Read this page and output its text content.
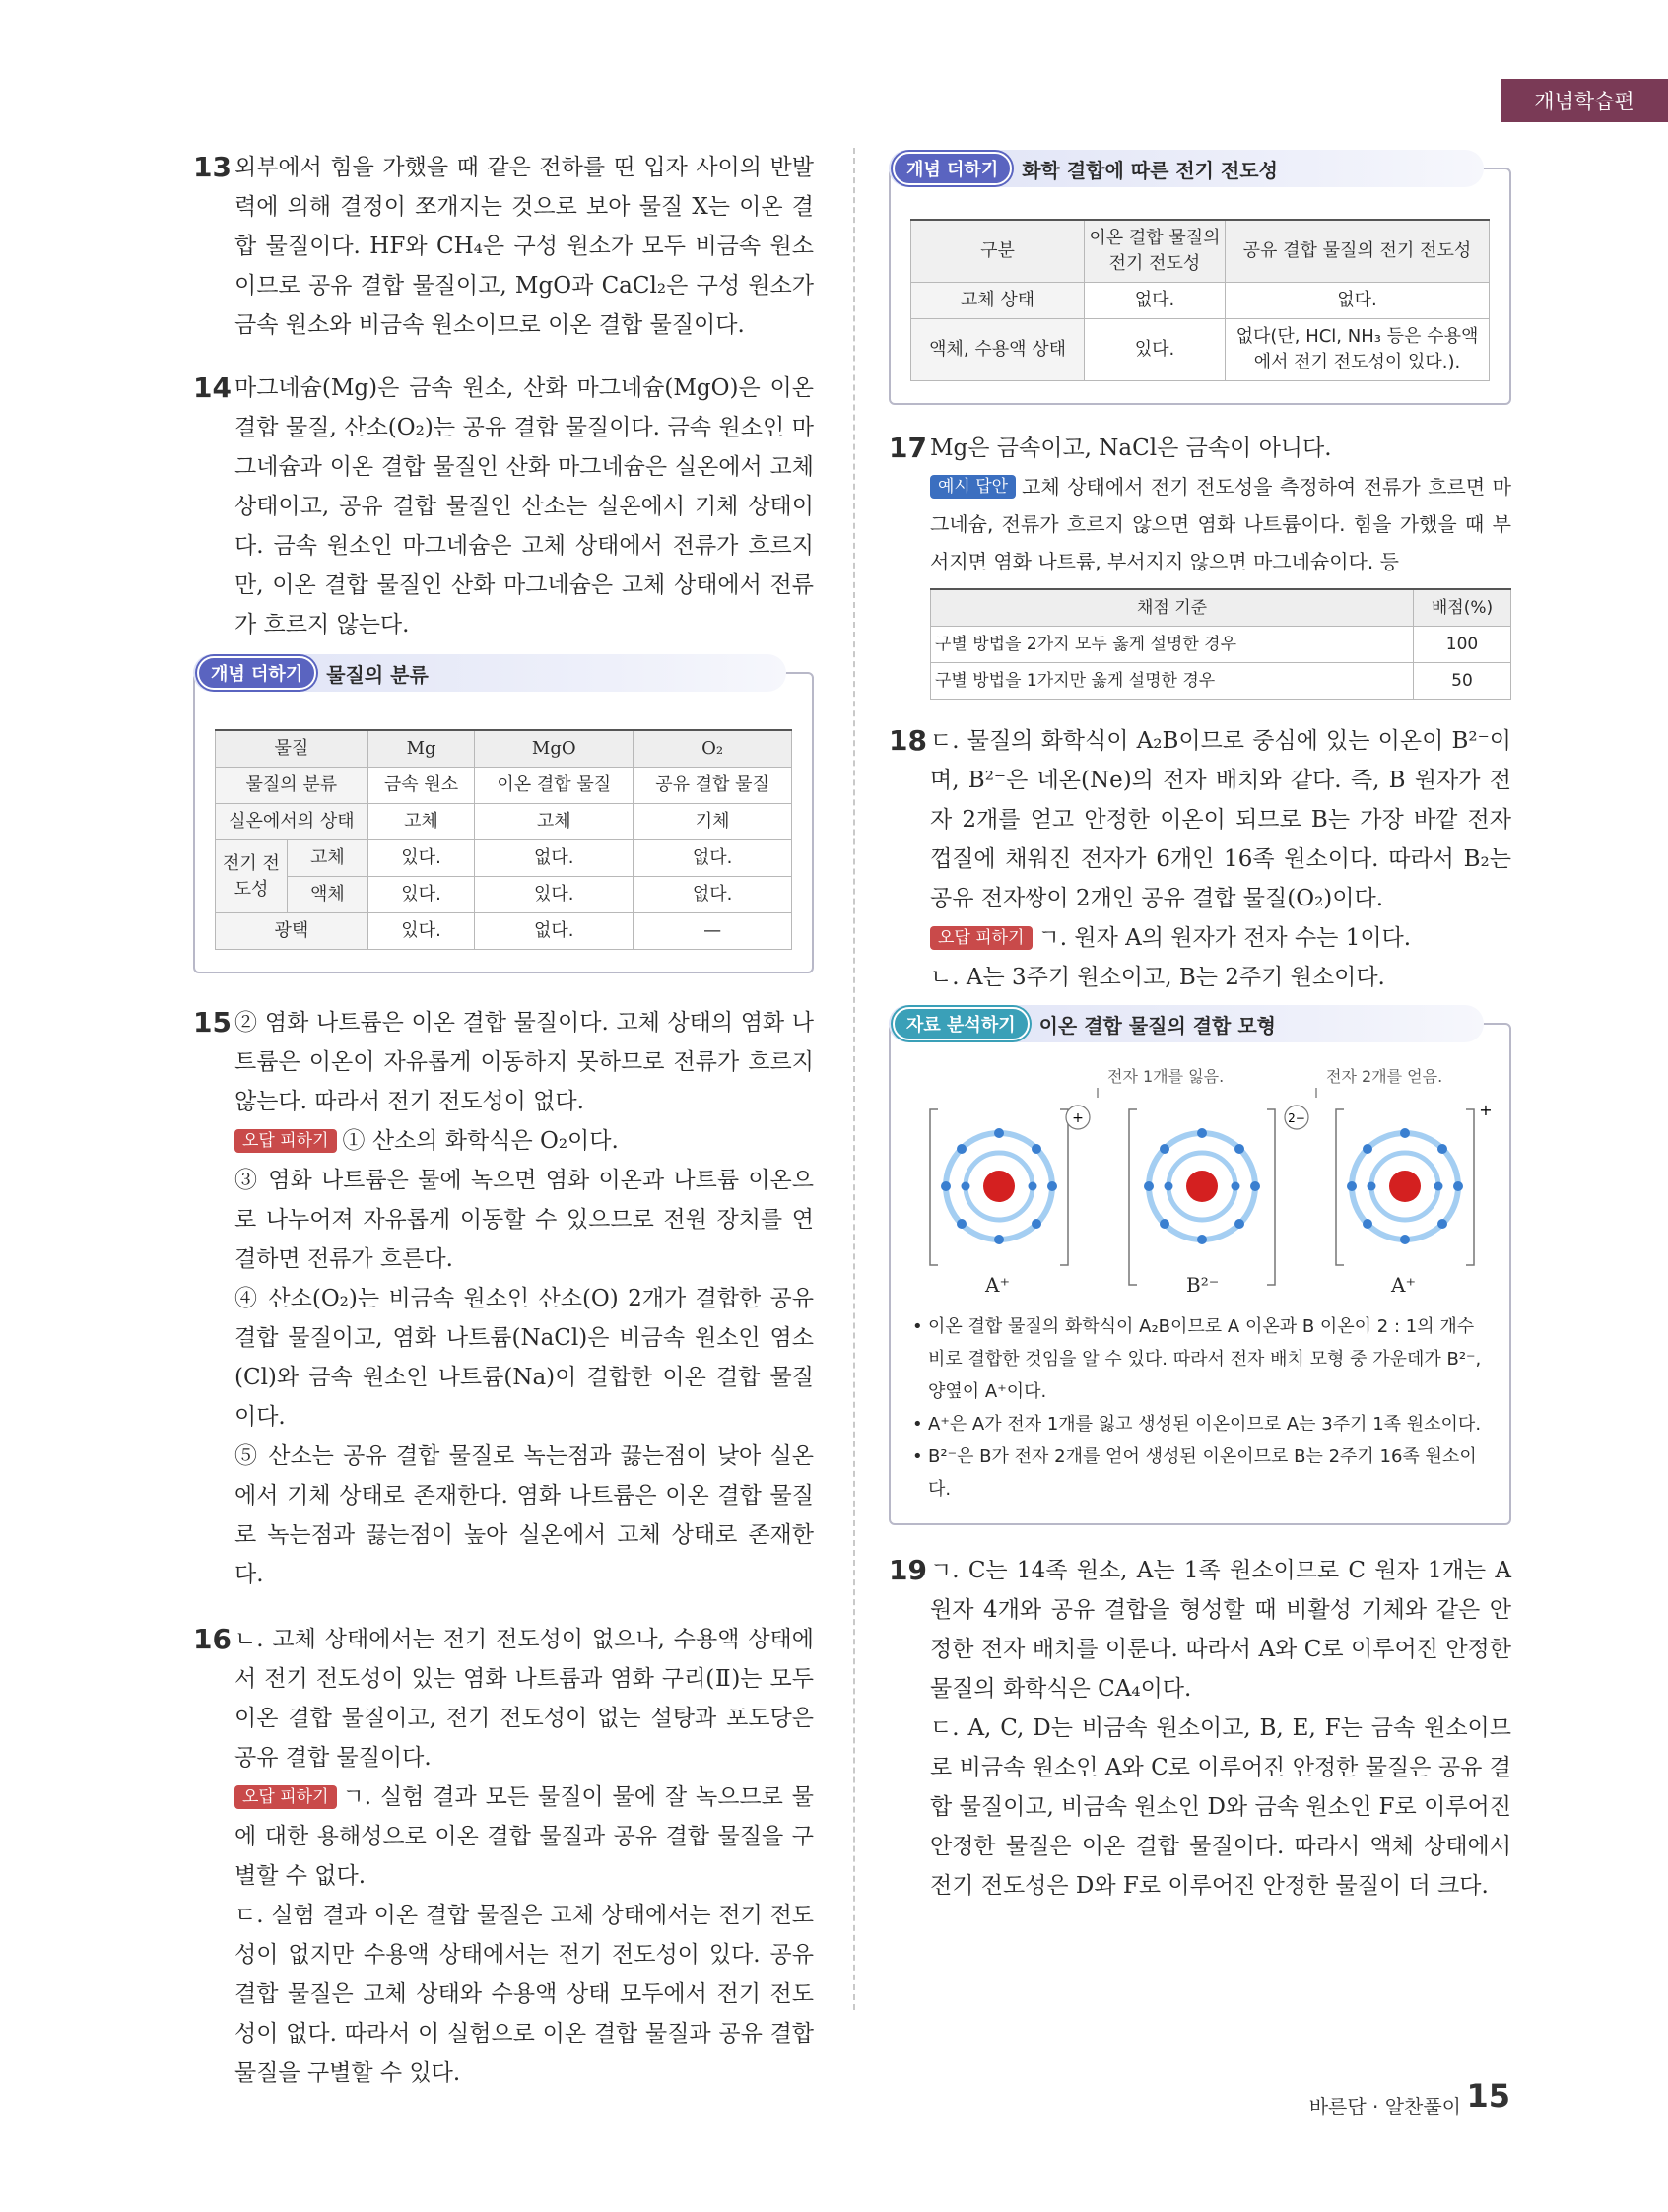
개념학습편
13 외부에서 힘을 가했을 때 같은 전하를 띤 입자 사이의 반발력에 의해 결정이 쪼개지는 것으로 보아 물질 X는 이온 결합 물질이다. HF와 CH₄은 구성 원소가 모두 비금속 원소이므로 공유 결합 물질이고, MgO과 CaCl₂은 구성 원소가 금속 원소와 비금속 원소이므로 이온 결합 물질이다.

14 마그네슘(Mg)은 금속 원소, 산화 마그네슘(MgO)은 이온 결합 물질, 산소(O₂)는 공유 결합 물질이다. 금속 원소인 마그네슘과 이온 결합 물질인 산화 마그네슘은 실온에서 고체 상태이고, 공유 결합 물질인 산소는 실온에서 기체 상태이다. 금속 원소인 마그네슘은 고체 상태에서 전류가 흐르지만, 이온 결합 물질인 산화 마그네슘은 고체 상태에서 전류가 흐르지 않는다.

개념 더하기	물질의 분류
물질		Mg	MgO	O₂
물질의 분류		금속 원소	이온 결합 물질	공유 결합 물질
실온에서의 상태		고체	고체	기체
전기 전도성	고체	있다.	없다.	없다.
	액체	있다.	있다.	없다.
광택		있다.	없다.	—
15 ② 염화 나트륨은 이온 결합 물질이다. 고체 상태의 염화 나트륨은 이온이 자유롭게 이동하지 못하므로 전류가 흐르지 않는다. 따라서 전기 전도성이 없다.

오답 피하기 ① 산소의 화학식은 O₂이다.

③ 염화 나트륨은 물에 녹으면 염화 이온과 나트륨 이온으로 나누어져 자유롭게 이동할 수 있으므로 전원 장치를 연결하면 전류가 흐른다.

④ 산소(O₂)는 비금속 원소인 산소(O) 2개가 결합한 공유 결합 물질이고, 염화 나트륨(NaCl)은 비금속 원소인 염소(Cl)와 금속 원소인 나트륨(Na)이 결합한 이온 결합 물질이다.

⑤ 산소는 공유 결합 물질로 녹는점과 끓는점이 낮아 실온에서 기체 상태로 존재한다. 염화 나트륨은 이온 결합 물질로 녹는점과 끓는점이 높아 실온에서 고체 상태로 존재한다.

16 ㄴ. 고체 상태에서는 전기 전도성이 없으나, 수용액 상태에서 전기 전도성이 있는 염화 나트륨과 염화 구리(Ⅱ)는 모두 이온 결합 물질이고, 전기 전도성이 없는 설탕과 포도당은 공유 결합 물질이다.

오답 피하기 ㄱ. 실험 결과 모든 물질이 물에 잘 녹으므로 물에 대한 용해성으로 이온 결합 물질과 공유 결합 물질을 구별할 수 없다.

ㄷ. 실험 결과 이온 결합 물질은 고체 상태에서는 전기 전도성이 없지만 수용액 상태에서는 전기 전도성이 있다. 공유 결합 물질은 고체 상태와 수용액 상태 모두에서 전기 전도성이 없다. 따라서 이 실험으로 이온 결합 물질과 공유 결합 물질을 구별할 수 있다.

개념 더하기	화학 결합에 따른 전기 전도성
구분	이온 결합 물질의 전기 전도성	공유 결합 물질의 전기 전도성
고체 상태	없다.	없다.
액체, 수용액 상태	있다.	없다(단, HCl, NH₃ 등은 수용액에서 전기 전도성이 있다.).
17 Mg은 금속이고, NaCl은 금속이 아니다.

예시 답안 고체 상태에서 전기 전도성을 측정하여 전류가 흐르면 마그네슘, 전류가 흐르지 않으면 염화 나트륨이다. 힘을 가했을 때 부서지면 염화 나트륨, 부서지지 않으면 마그네슘이다. 등

채점 기준	배점(%)
구별 방법을 2가지 모두 옳게 설명한 경우	100
구별 방법을 1가지만 옳게 설명한 경우	50
18 ㄷ. 물질의 화학식이 A₂B이므로 중심에 있는 이온이 B²⁻이며, B²⁻은 네온(Ne)의 전자 배치와 같다. 즉, B 원자가 전자 2개를 얻고 안정한 이온이 되므로 B는 가장 바깥 전자 껍질에 채워진 전자가 6개인 16족 원소이다. 따라서 B₂는 공유 전자쌍이 2개인 공유 결합 물질(O₂)이다.

오답 피하기 ㄱ. 원자 A의 원자가 전자 수는 1이다.

ㄴ. A는 3주기 원소이고, B는 2주기 원소이다.

자료 분석하기	이온 결합 물질의 결합 모형
전자 1개를 잃음.	전자 2개를 얻음.
+	2−	+
A⁺	B²⁻	A⁺

• 이온 결합 물질의 화학식이 A₂B이므로 A 이온과 B 이온이 2 : 1의 개수비로 결합한 것임을 알 수 있다. 따라서 전자 배치 모형 중 가운데가 B²⁻, 양옆이 A⁺이다.

• A⁺은 A가 전자 1개를 잃고 생성된 이온이므로 A는 3주기 1족 원소이다.

• B²⁻은 B가 전자 2개를 얻어 생성된 이온이므로 B는 2주기 16족 원소이다.

19 ㄱ. C는 14족 원소, A는 1족 원소이므로 C 원자 1개는 A 원자 4개와 공유 결합을 형성할 때 비활성 기체와 같은 안정한 전자 배치를 이룬다. 따라서 A와 C로 이루어진 안정한 물질의 화학식은 CA₄이다.

ㄷ. A, C, D는 비금속 원소이고, B, E, F는 금속 원소이므로 비금속 원소인 A와 C로 이루어진 안정한 물질은 공유 결합 물질이고, 비금속 원소인 D와 금속 원소인 F로 이루어진 안정한 물질은 이온 결합 물질이다. 따라서 액체 상태에서 전기 전도성은 D와 F로 이루어진 안정한 물질이 더 크다.

바른답 · 알찬풀이 15
